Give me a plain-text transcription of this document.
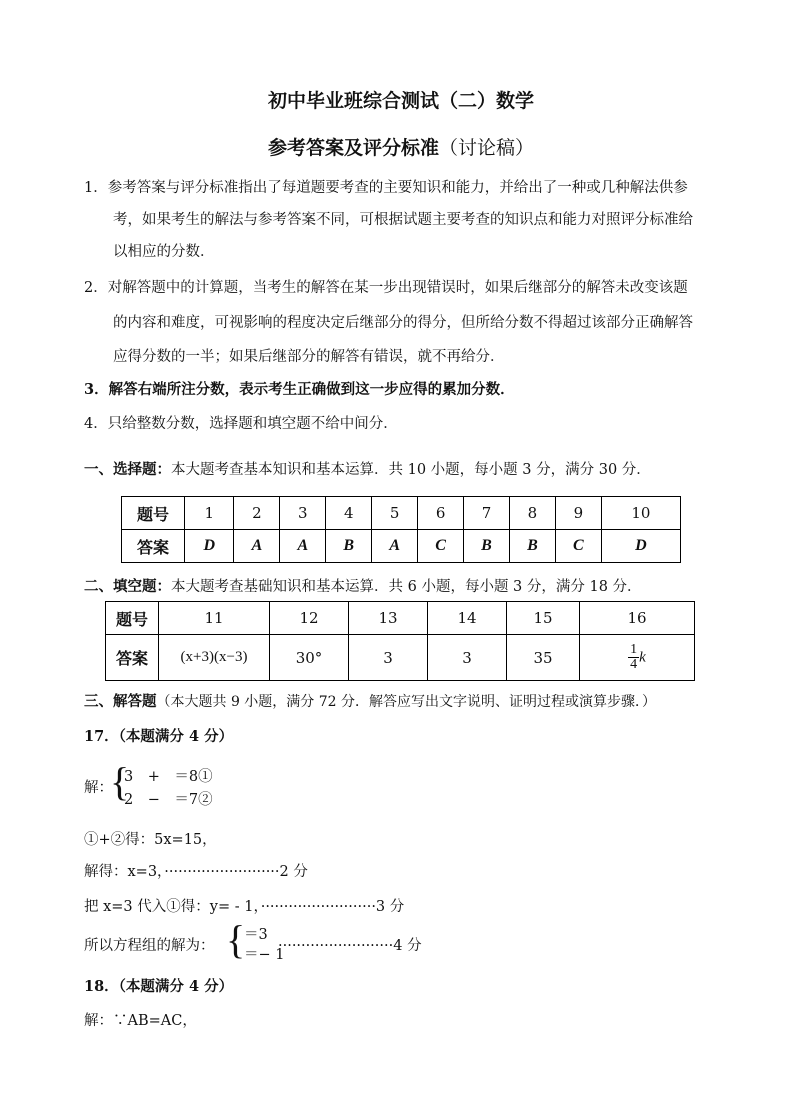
初中毕业班综合测试（二）数学
参考答案及评分标准（讨论稿）
1．参考答案与评分标准指出了每道题要考查的主要知识和能力，并给出了一种或几种解法供参
考，如果考生的解法与参考答案不同，可根据试题主要考查的知识点和能力对照评分标准给
以相应的分数．
2．对解答题中的计算题，当考生的解答在某一步出现错误时，如果后继部分的解答未改变该题
的内容和难度，可视影响的程度决定后继部分的得分，但所给分数不得超过该部分正确解答
应得分数的一半；如果后继部分的解答有错误，就不再给分．
3．解答右端所注分数，表示考生正确做到这一步应得的累加分数．
4．只给整数分数，选择题和填空题不给中间分．
一、选择题：本大题考查基本知识和基本运算．共 10 小题，每小题 3 分，满分 30 分．
题号	1	2	3	4	5	6	7	8	9	10
答案	D	A	A	B	A	C	B	B	C	D
二、填空题：本大题考查基础知识和基本运算．共 6 小题，每小题 3 分，满分 18 分．
题号	11	12	13	14	15	16
答案	(x+3)(x−3)	30°	3	3	35	$\frac{1}{4}$ k
三、解答题（本大题共 9 小题，满分 72 分．解答应写出文字说明、证明过程或演算步骤．）
17．（本题满分 4 分）
解：
{
3　+　＝8①
2　−　＝7②
①+②得：5x=15，
解得：x=3，·························2 分
把 x=3 代入①得：y= - 1，·························3 分
所以方程组的解为： {
＝3
＝− 1
·························4 分
18．（本题满分 4 分）
解：∵AB=AC，
